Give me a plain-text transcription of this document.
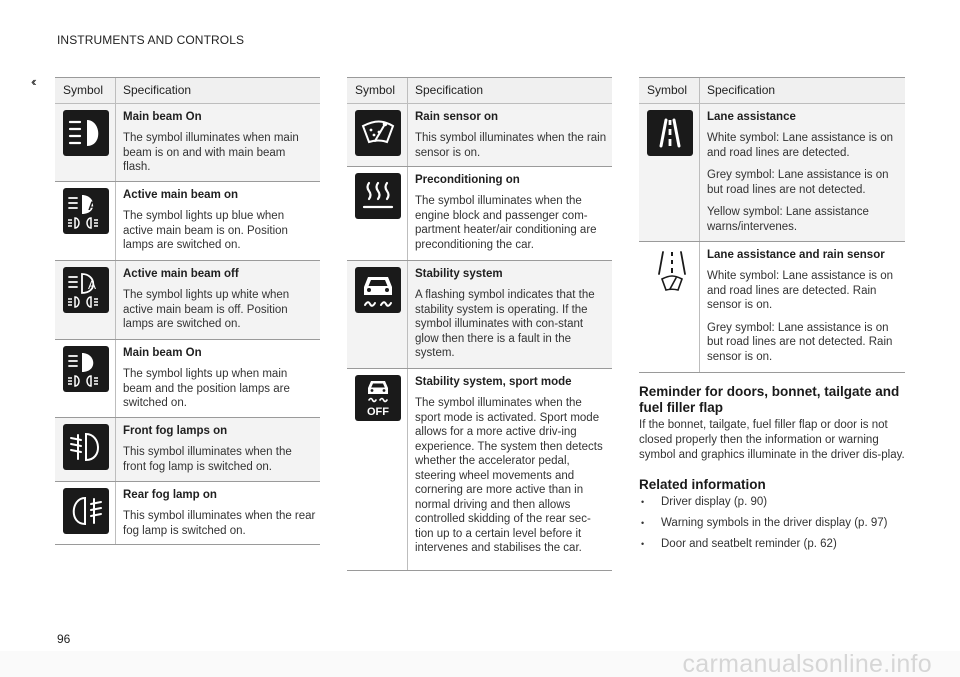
INSTRUMENTS AND CONTROLS
‹‹
Symbol	Specification
Main beam On
The symbol illuminates when main beam is on and with main beam flash.
A
Active main beam on
The symbol lights up blue when active main beam is on. Position lamps are switched on.
A
Active main beam off
The symbol lights up white when active main beam is off. Position lamps are switched on.
Main beam On
The symbol lights up when main beam and the position lamps are switched on.
Front fog lamps on
This symbol illuminates when the front fog lamp is switched on.
Rear fog lamp on
This symbol illuminates when the rear fog lamp is switched on.
Symbol	Specification
Rain sensor on
This symbol illuminates when the rain sensor is on.
Preconditioning on
The symbol illuminates when the engine block and passenger com-partment heater/air conditioning are preconditioning the car.
Stability system
A flashing symbol indicates that the stability system is operating. If the symbol illuminates with con-stant glow then there is a fault in the system.
OFF
Stability system, sport mode
The symbol illuminates when the sport mode is activated. Sport mode allows for a more active driv-ing experience. The system then detects whether the accelerator pedal, steering wheel movements and cornering are more active than in normal driving and then allows controlled skidding of the rear sec-tion up to a certain level before it intervenes and stabilises the car.
Symbol	Specification
Lane assistance
White symbol: Lane assistance is on and road lines are detected.
Grey symbol: Lane assistance is on but road lines are not detected.
Yellow symbol: Lane assistance warns/intervenes.
Lane assistance and rain sensor
White symbol: Lane assistance is on and road lines are detected. Rain sensor is on.
Grey symbol: Lane assistance is on but road lines are not detected. Rain sensor is on.
Reminder for doors, bonnet, tailgate and fuel filler flap
If the bonnet, tailgate, fuel filler flap or door is not closed properly then the information or warning symbol and graphics illuminate in the driver dis-play.
Related information
•	Driver display (p. 90)
•	Warning symbols in the driver display (p. 97)
•	Door and seatbelt reminder (p. 62)
96
carmanualsonline.info
